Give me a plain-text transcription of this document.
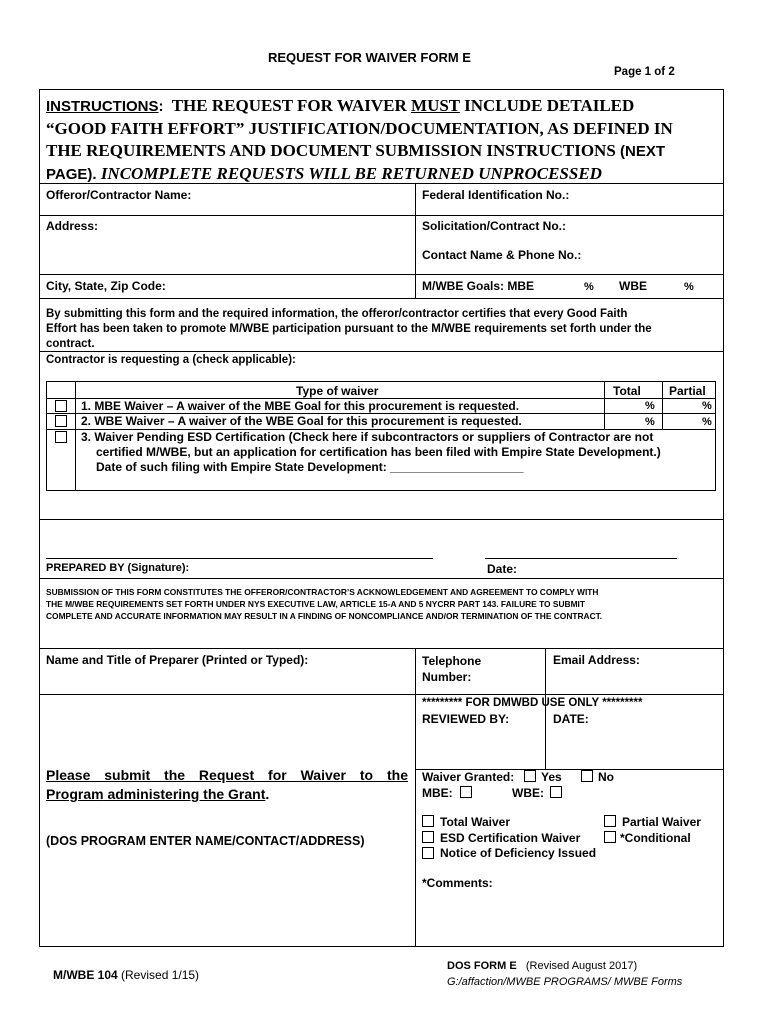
REQUEST FOR WAIVER FORM E
Page 1 of 2
INSTRUCTIONS: THE REQUEST FOR WAIVER MUST INCLUDE DETAILED
“GOOD FAITH EFFORT” JUSTIFICATION/DOCUMENTATION, AS DEFINED IN
THE REQUIREMENTS AND DOCUMENT SUBMISSION INSTRUCTIONS (NEXT
PAGE). INCOMPLETE REQUESTS WILL BE RETURNED UNPROCESSED
Offeror/Contractor Name:	Federal Identification No.:
Address:	Solicitation/Contract No.:
Contact Name & Phone No.:
City, State, Zip Code:	M/WBE Goals: MBE	% WBE	%
By submitting this form and the required information, the offeror/contractor certifies that every Good Faith
Effort has been taken to promote M/WBE participation pursuant to the M/WBE requirements set forth under the
contract.
Contractor is requesting a (check applicable):
Type of waiver	Total Partial
1. MBE Waiver – A waiver of the MBE Goal for this procurement is requested.	%	%
2. WBE Waiver – A waiver of the WBE Goal for this procurement is requested.	%	%
3. Waiver Pending ESD Certification (Check here if subcontractors or suppliers of Contractor are not
certified M/WBE, but an application for certification has been filed with Empire State Development.)
Date of such filing with Empire State Development: ____________________
PREPARED BY (Signature):	Date:
SUBMISSION OF THIS FORM CONSTITUTES THE OFFEROR/CONTRACTOR’S ACKNOWLEDGEMENT AND AGREEMENT TO COMPLY WITH
THE M/WBE REQUIREMENTS SET FORTH UNDER NYS EXECUTIVE LAW, ARTICLE 15-A AND 5 NYCRR PART 143. FAILURE TO SUBMIT
COMPLETE AND ACCURATE INFORMATION MAY RESULT IN A FINDING OF NONCOMPLIANCE AND/OR TERMINATION OF THE CONTRACT.
Name and Title of Preparer (Printed or Typed):	Telephone
Number:
Email Address:
********* FOR DMWBD USE ONLY *********
REVIEWED BY:	DATE:
Waiver Granted: Yes	No
MBE:	WBE:
Total Waiver	Partial Waiver
ESD Certification Waiver	*Conditional
Notice of Deficiency Issued
*Comments:
Please submit the Request for Waiver to the
Program administering the Grant.
(DOS PROGRAM ENTER NAME/CONTACT/ADDRESS)
M/WBE 104 (Revised 1/15)
DOS FORM E (Revised August 2017)
G:/affaction/MWBE PROGRAMS/ MWBE Forms
